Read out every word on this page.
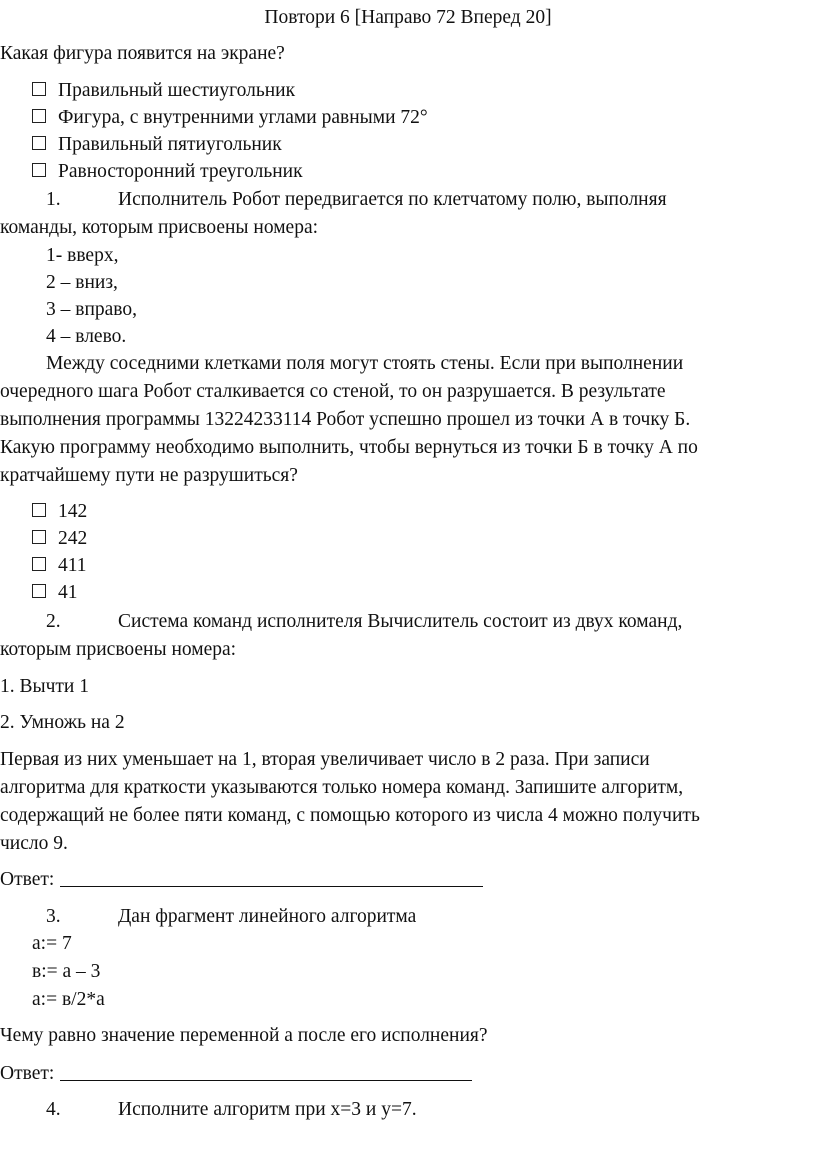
Повтори 6 [Направо 72 Вперед 20]
Какая фигура появится на экране?
Правильный шестиугольник
Фигура, с внутренними углами равными 72°
Правильный пятиугольник
Равносторонний треугольник
1.	Исполнитель Робот передвигается по клетчатому полю, выполняя
команды, которым присвоены номера:
1- вверх,
2 – вниз,
3 – вправо,
4 – влево.
Между соседними клетками поля могут стоять стены. Если при выполнении
очередного шага Робот сталкивается со стеной, то он разрушается. В результате
выполнения программы 13224233114 Робот успешно прошел из точки А в точку Б.
Какую программу необходимо выполнить, чтобы вернуться из точки Б в точку А по
кратчайшему пути не разрушиться?
142
242
411
41
2.	Система команд исполнителя Вычислитель состоит из двух команд,
которым присвоены номера:
1. Вычти 1
2. Умножь на 2
Первая из них уменьшает на 1, вторая увеличивает число в 2 раза. При записи
алгоритма для краткости указываются только номера команд. Запишите алгоритм,
содержащий не более пяти команд, с помощью которого из числа 4 можно получить
число 9.
Ответ:
3.	Дан фрагмент линейного алгоритма
а:= 7
в:= а – 3
а:= в/2*а
Чему равно значение переменной а после его исполнения?
Ответ:
4.	Исполните алгоритм при х=3 и у=7.
